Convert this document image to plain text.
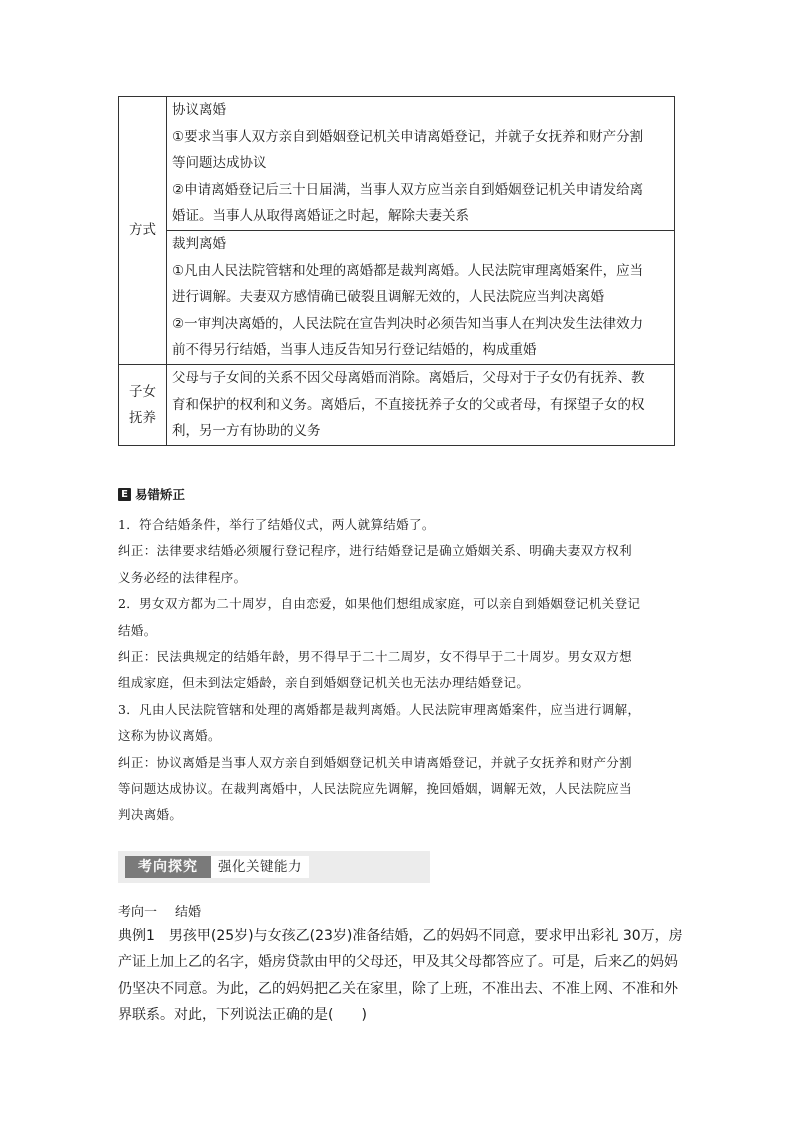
方式	协议离婚
①要求当事人双方亲自到婚姻登记机关申请离婚登记，并就子女抚养和财产分割
等问题达成协议
②申请离婚登记后三十日届满，当事人双方应当亲自到婚姻登记机关申请发给离
婚证。当事人从取得离婚证之时起，解除夫妻关系

	裁判离婚
①凡由人民法院管辖和处理的离婚都是裁判离婚。人民法院审理离婚案件，应当
进行调解。夫妻双方感情确已破裂且调解无效的，人民法院应当判决离婚
②一审判决离婚的，人民法院在宣告判决时必须告知当事人在判决发生法律效力
前不得另行结婚，当事人违反告知另行登记结婚的，构成重婚

子女
抚养	父母与子女间的关系不因父母离婚而消除。离婚后，父母对于子女仍有抚养、教
育和保护的权利和义务。离婚后，不直接抚养子女的父或者母，有探望子女的权
利，另一方有协助的义务
E 易错矫正
1．符合结婚条件，举行了结婚仪式，两人就算结婚了。
纠正：法律要求结婚必须履行登记程序，进行结婚登记是确立婚姻关系、明确夫妻双方权利
义务必经的法律程序。
2．男女双方都为二十周岁，自由恋爱，如果他们想组成家庭，可以亲自到婚姻登记机关登记
结婚。
纠正：民法典规定的结婚年龄，男不得早于二十二周岁，女不得早于二十周岁。男女双方想
组成家庭，但未到法定婚龄，亲自到婚姻登记机关也无法办理结婚登记。
3．凡由人民法院管辖和处理的离婚都是裁判离婚。人民法院审理离婚案件，应当进行调解，
这称为协议离婚。
纠正：协议离婚是当事人双方亲自到婚姻登记机关申请离婚登记，并就子女抚养和财产分割
等问题达成协议。在裁判离婚中，人民法院应先调解，挽回婚姻，调解无效，人民法院应当
判决离婚。
考向探究	强化关键能力
考向一 结婚
典例1　男孩甲(25岁)与女孩乙(23岁)准备结婚，乙的妈妈不同意，要求甲出彩礼 30万，房
产证上加上乙的名字，婚房贷款由甲的父母还，甲及其父母都答应了。可是，后来乙的妈妈
仍坚决不同意。为此，乙的妈妈把乙关在家里，除了上班，不准出去、不准上网、不准和外
界联系。对此，下列说法正确的是(　　)
